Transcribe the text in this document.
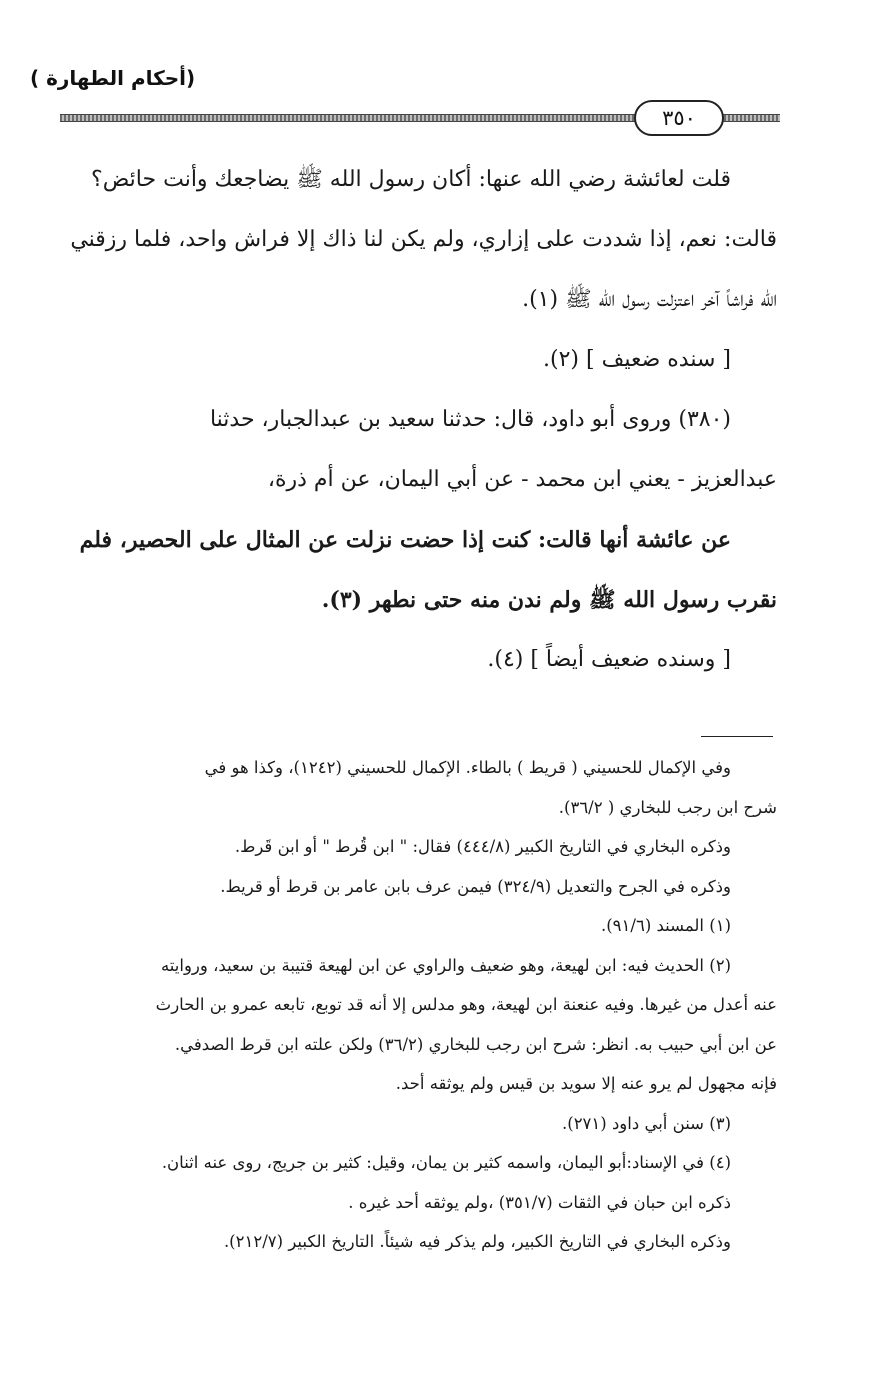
(أحكام الطهارة )
٣٥٠

قلت لعائشة رضي الله عنها: أكان رسول الله ﷺ يضاجعك وأنت حائض؟

قالت: نعم، إذا شددت على إزاري، ولم يكن لنا ذاك إلا فراش واحد، فلما رزقني

الله فراشاً آخر اعتزلت رسول الله ﷺ (١).

[ سنده ضعيف ] (٢).

(٣٨٠) وروى أبو داود، قال: حدثنا سعيد بن عبدالجبار، حدثنا

عبدالعزيز - يعني ابن محمد - عن أبي اليمان، عن أم ذرة،

عن عائشة أنها قالت: كنت إذا حضت نزلت عن المثال على الحصير، فلم

نقرب رسول الله ﷺ ولم ندن منه حتى نطهر (٣).

[ وسنده ضعيف أيضاً ] (٤).

وفي الإكمال للحسيني ( قريط ) بالطاء. الإكمال للحسيني (١٢٤٢)، وكذا هو في

شرح ابن رجب للبخاري ( ٣٦/٢).

وذكره البخاري في التاريخ الكبير (٤٤٤/٨) فقال: " ابن قُرط " أو ابن قَرط.

وذكره في الجرح والتعديل (٣٢٤/٩) فيمن عرف بابن عامر بن قرط أو قريط.

(١) المسند (٩١/٦).

(٢) الحديث فيه: ابن لهيعة، وهو ضعيف والراوي عن ابن لهيعة قتيبة بن سعيد، وروايته

عنه أعدل من غيرها. وفيه عنعنة ابن لهيعة، وهو مدلس إلا أنه قد توبع، تابعه عمرو بن الحارث

عن ابن أبي حبيب به. انظر: شرح ابن رجب للبخاري (٣٦/٢) ولكن علته ابن قرط الصدفي.

فإنه مجهول لم يرو عنه إلا سويد بن قيس ولم يوثقه أحد.

(٣) سنن أبي داود (٢٧١).

(٤) في الإسناد:أبو اليمان، واسمه كثير بن يمان، وقيل: كثير بن جريج، روى عنه اثنان.

ذكره ابن حبان في الثقات (٣٥١/٧) ،ولم يوثقه أحد غيره .

وذكره البخاري في التاريخ الكبير، ولم يذكر فيه شيئاً. التاريخ الكبير (٢١٢/٧).
